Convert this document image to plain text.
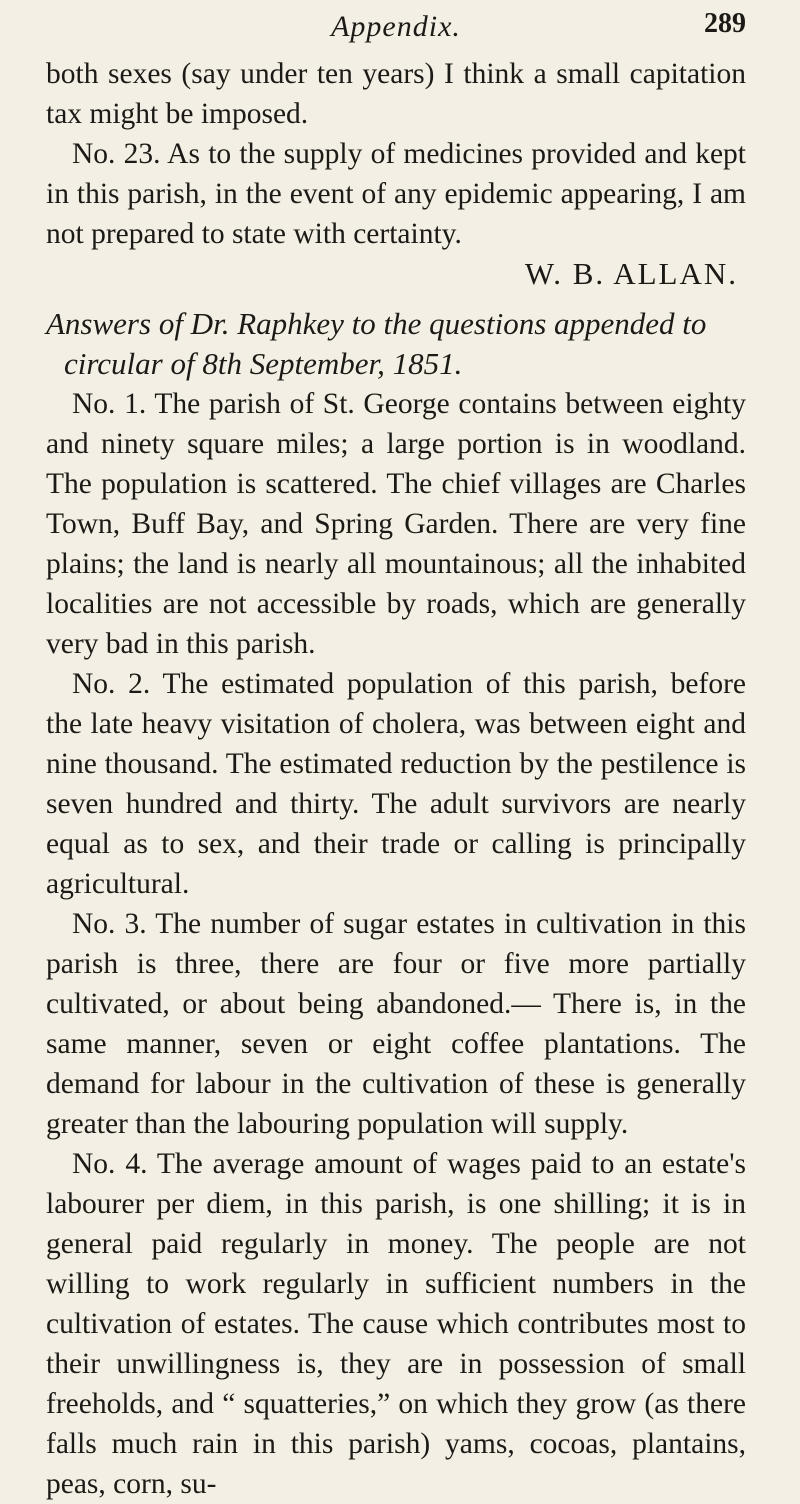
Appendix.	289

both sexes (say under ten years) I think a small capitation tax might be imposed.

No. 23. As to the supply of medicines provided and kept in this parish, in the event of any epidemic appearing, I am not prepared to state with certainty.

W. B. ALLAN.

Answers of Dr. Raphkey to the questions appended to
circular of 8th September, 1851.

No. 1. The parish of St. George contains between eighty and ninety square miles; a large portion is in woodland. The population is scattered. The chief villages are Charles Town, Buff Bay, and Spring Garden. There are very fine plains; the land is nearly all mountainous; all the inhabited localities are not accessible by roads, which are generally very bad in this parish.

No. 2. The estimated population of this parish, before the late heavy visitation of cholera, was between eight and nine thousand. The estimated reduction by the pestilence is seven hundred and thirty. The adult survivors are nearly equal as to sex, and their trade or calling is principally agricultural.

No. 3. The number of sugar estates in cultivation in this parish is three, there are four or five more partially cultivated, or about being abandoned.— There is, in the same manner, seven or eight coffee plantations. The demand for labour in the cultivation of these is generally greater than the labouring population will supply.

No. 4. The average amount of wages paid to an estate's labourer per diem, in this parish, is one shilling; it is in general paid regularly in money. The people are not willing to work regularly in sufficient numbers in the cultivation of estates. The cause which contributes most to their unwillingness is, they are in possession of small freeholds, and “ squatteries,” on which they grow (as there falls much rain in this parish) yams, cocoas, plantains, peas, corn, su-
